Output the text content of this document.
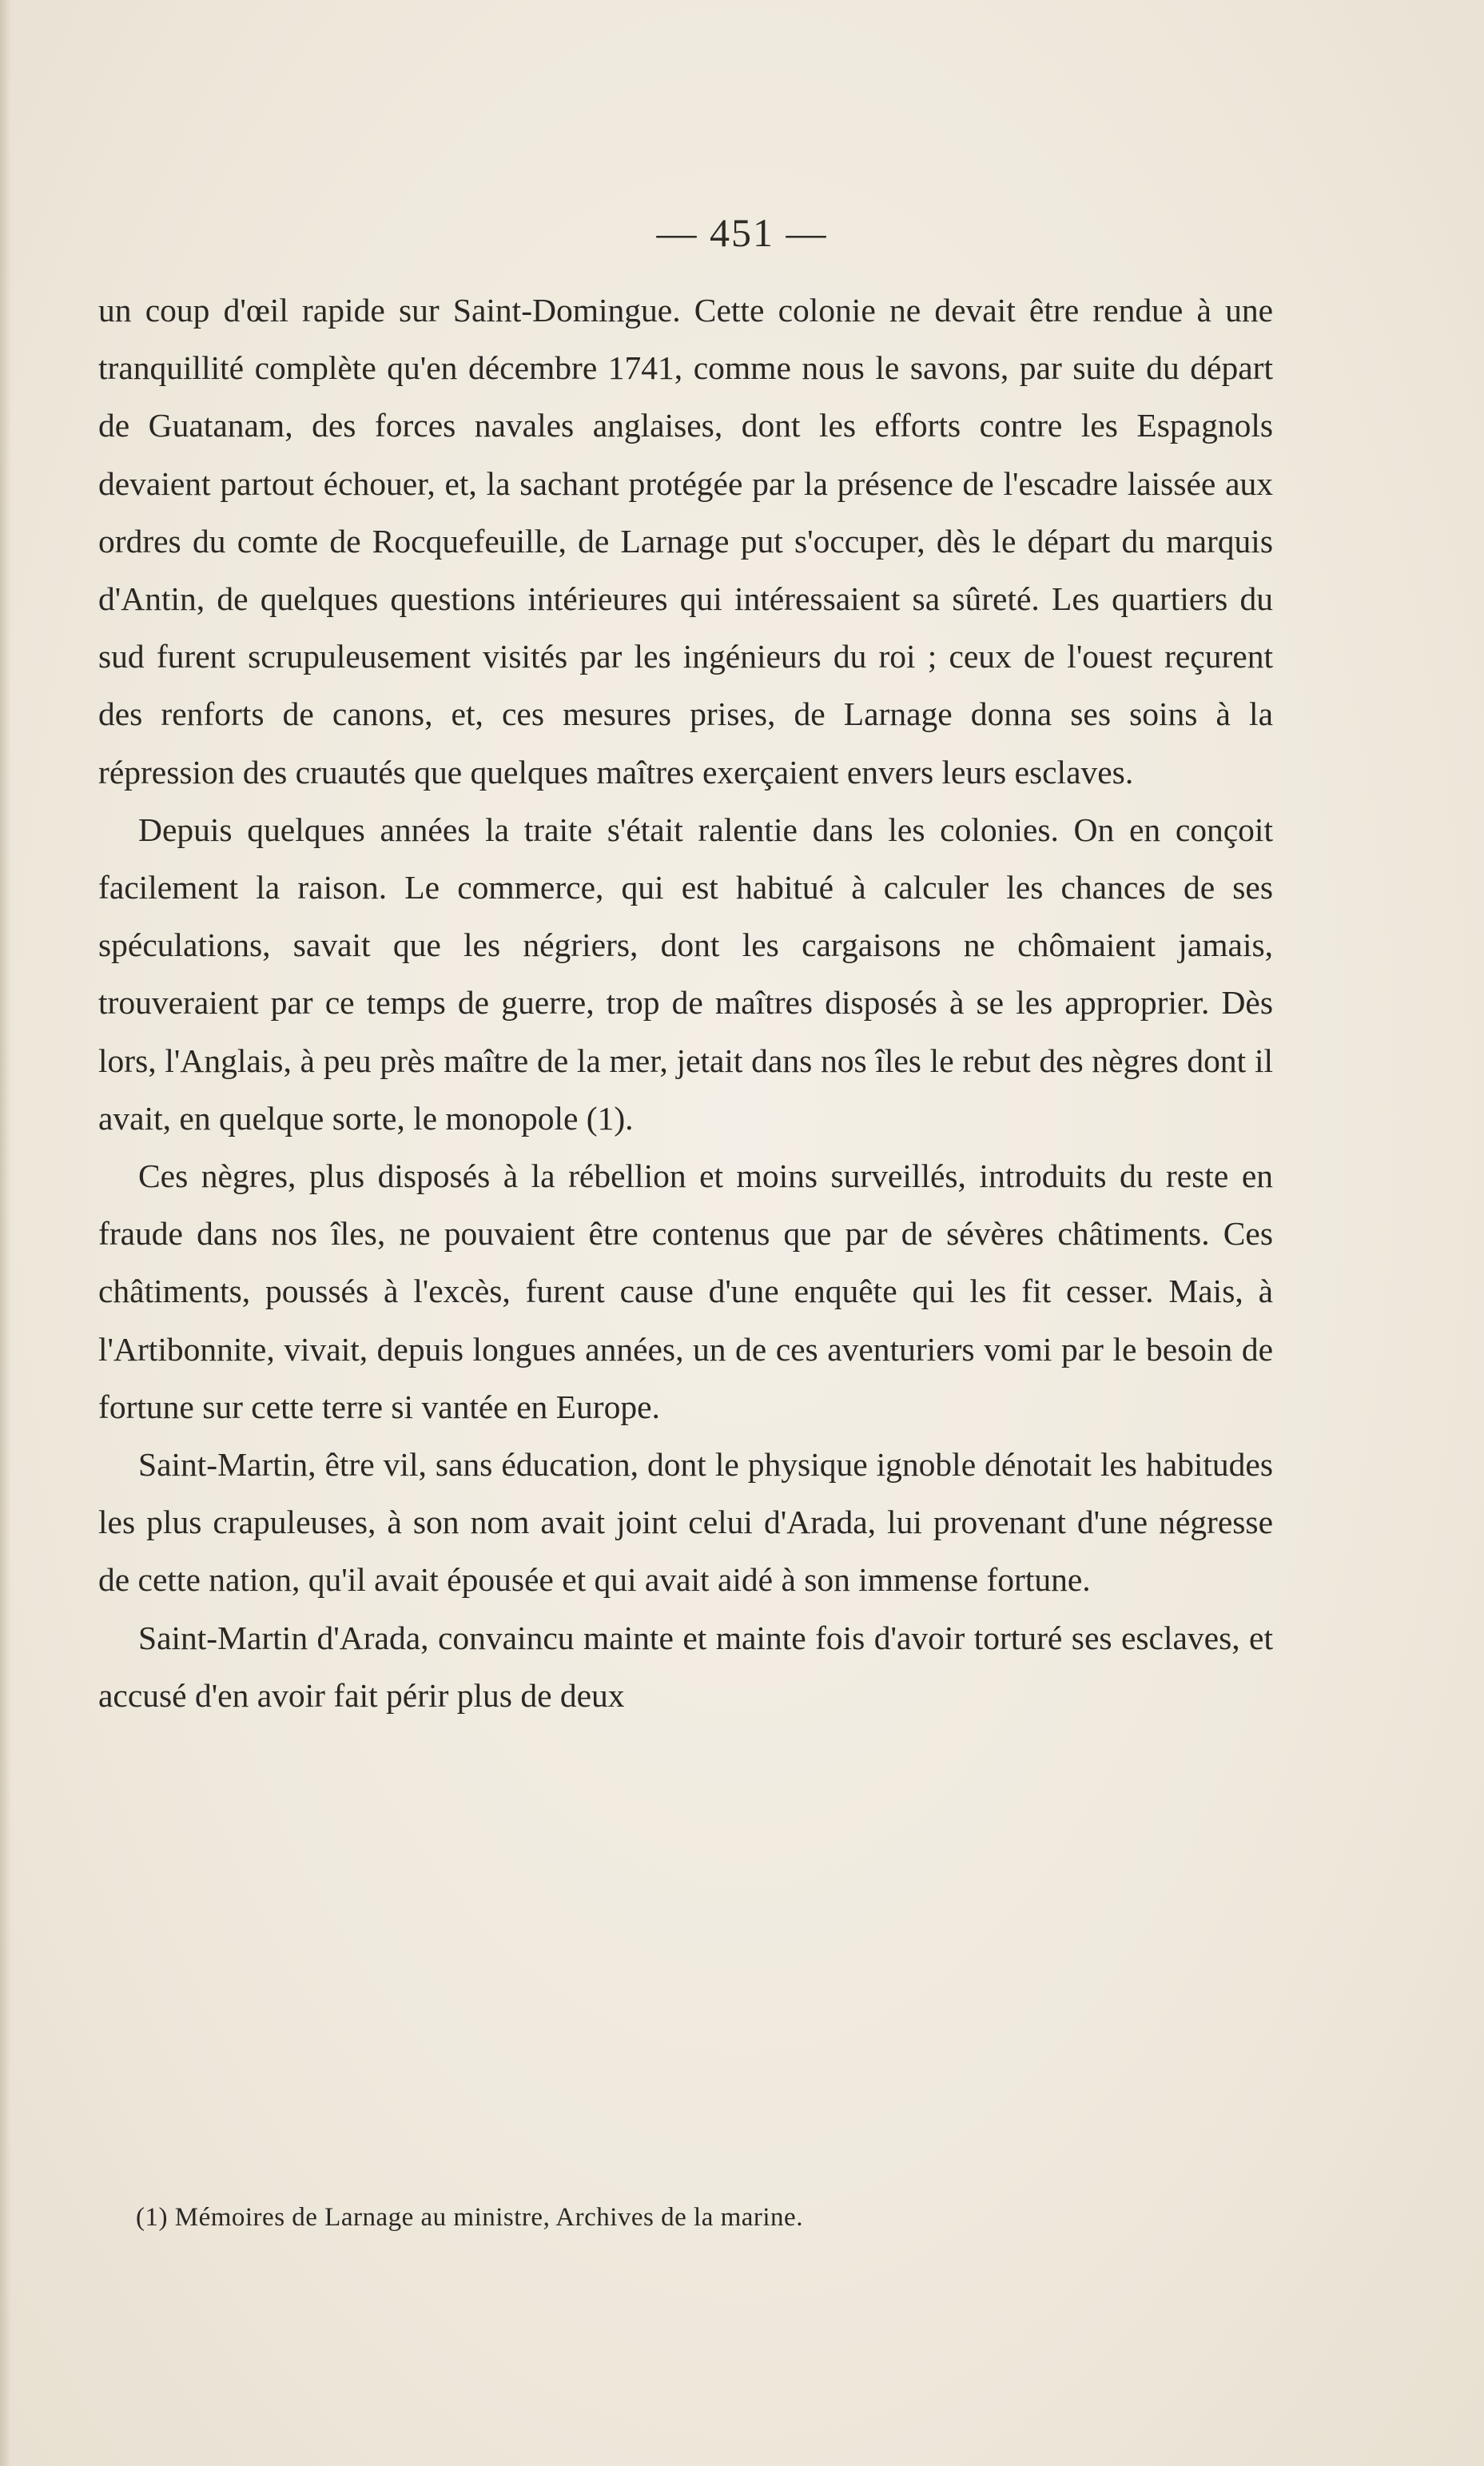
— 451 —

un coup d'œil rapide sur Saint-Domingue. Cette colonie ne devait être rendue à une tranquillité complète qu'en décembre 1741, comme nous le savons, par suite du départ de Guatanam, des forces navales anglaises, dont les efforts contre les Espagnols devaient partout échouer, et, la sachant protégée par la présence de l'escadre laissée aux ordres du comte de Rocquefeuille, de Larnage put s'occuper, dès le départ du marquis d'Antin, de quelques questions intérieures qui intéressaient sa sûreté. Les quartiers du sud furent scrupuleusement visités par les ingénieurs du roi ; ceux de l'ouest reçurent des renforts de canons, et, ces mesures prises, de Larnage donna ses soins à la répression des cruautés que quelques maîtres exerçaient envers leurs esclaves.

Depuis quelques années la traite s'était ralentie dans les colonies. On en conçoit facilement la raison. Le commerce, qui est habitué à calculer les chances de ses spéculations, savait que les négriers, dont les cargaisons ne chômaient jamais, trouveraient par ce temps de guerre, trop de maîtres disposés à se les approprier. Dès lors, l'Anglais, à peu près maître de la mer, jetait dans nos îles le rebut des nègres dont il avait, en quelque sorte, le monopole (1).

Ces nègres, plus disposés à la rébellion et moins surveillés, introduits du reste en fraude dans nos îles, ne pouvaient être contenus que par de sévères châtiments. Ces châtiments, poussés à l'excès, furent cause d'une enquête qui les fit cesser. Mais, à l'Artibonnite, vivait, depuis longues années, un de ces aventuriers vomi par le besoin de fortune sur cette terre si vantée en Europe.

Saint-Martin, être vil, sans éducation, dont le physique ignoble dénotait les habitudes les plus crapuleuses, à son nom avait joint celui d'Arada, lui provenant d'une négresse de cette nation, qu'il avait épousée et qui avait aidé à son immense fortune.

Saint-Martin d'Arada, convaincu mainte et mainte fois d'avoir torturé ses esclaves, et accusé d'en avoir fait périr plus de deux

(1) Mémoires de Larnage au ministre, Archives de la marine.
